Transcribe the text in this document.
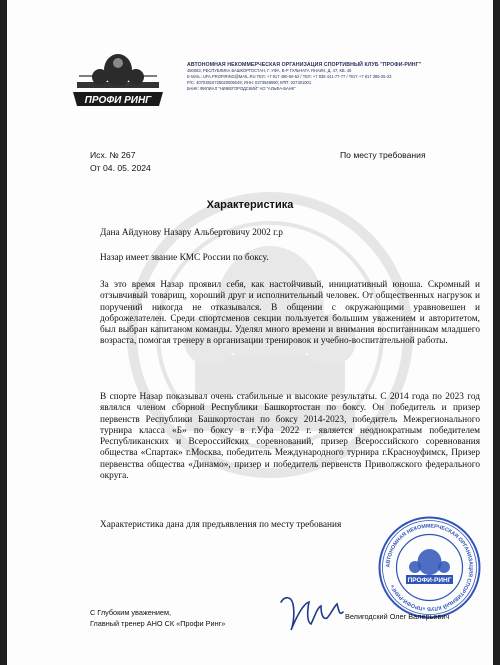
ПРОФИ РИНГ
АВТОНОМНАЯ НЕКОММЕРЧЕСКАЯ ОРГАНИЗАЦИЯ СПОРТИВНЫЙ КЛУБ "ПРОФИ-РИНГ"
450083, РЕСПУБЛИКА БАШКОРТОСТАН, Г. УФА, В-Р ГУЛЬЧАТА ЯНАИН, Д. 47, КВ. 45
E-MAIL: UFA.PROFIRING@MAIL.RU ТЕЛ: +7 917 490-50-52 / ТЕЛ: +7 938 441-77-77 / ТЕЛ: +7 917 385-25-23
Р/С: 40703810725020006049; ИНН: 0273948590; КПП: 027301001
БАНК: ФИЛИАЛ "НИЖЕГОРОДСКИЙ" АО "АЛЬФА-БАНК"
Исх. № 267
От 04. 05. 2024
По месту требования
Характеристика
Дана Айдунову Назару Альбертовичу 2002 г.р
Назар имеет звание КМС России по боксу.
За это время Назар проявил себя, как настойчивый, инициативный юноша. Скромный и отзывчивый товарищ, хороший друг и исполнительный человек. От общественных нагрузок и поручений никогда не отказывался. В общении с окружающими уравновешен и доброжелателен. Среди спортсменов секции пользуется большим уважением и авторитетом, был выбран капитаном команды. Уделял много времени и внимания воспитанникам младшего возраста, помогая тренеру в организации тренировок и учебно-воспитательной работы.
В спорте Назар показывал очень стабильные и высокие результаты. С 2014 года по 2023 год являлся членом сборной Республики Башкортостан по боксу. Он победитель и призер первенств Республики Башкортостан по боксу 2014-2023, победитель Межрегионального турнира класса «Б» по боксу в г.Уфа 2022 г. является неоднократным победителем Республиканских и Всероссийских соревнований, призер Всероссийского соревнования общества «Спартак» г.Москва, победитель Международного турнира г.Красноуфимск, Призер первенства общества «Динамо», призер и победитель первенств Приволжского федерального округа.
Характеристика дана для предъявления по месту требования
АВТОНОМНАЯ НЕКОММЕРЧЕСКАЯ ОРГАНИЗАЦИЯ СПОРТИВНЫЙ КЛУБ «ПРОФИ-РИНГ»
ПРОФИ-РИНГ
С Глубоким уважением,
Главный тренер АНО СК «Профи Ринг»
Велигодский Олег Валерьевич
